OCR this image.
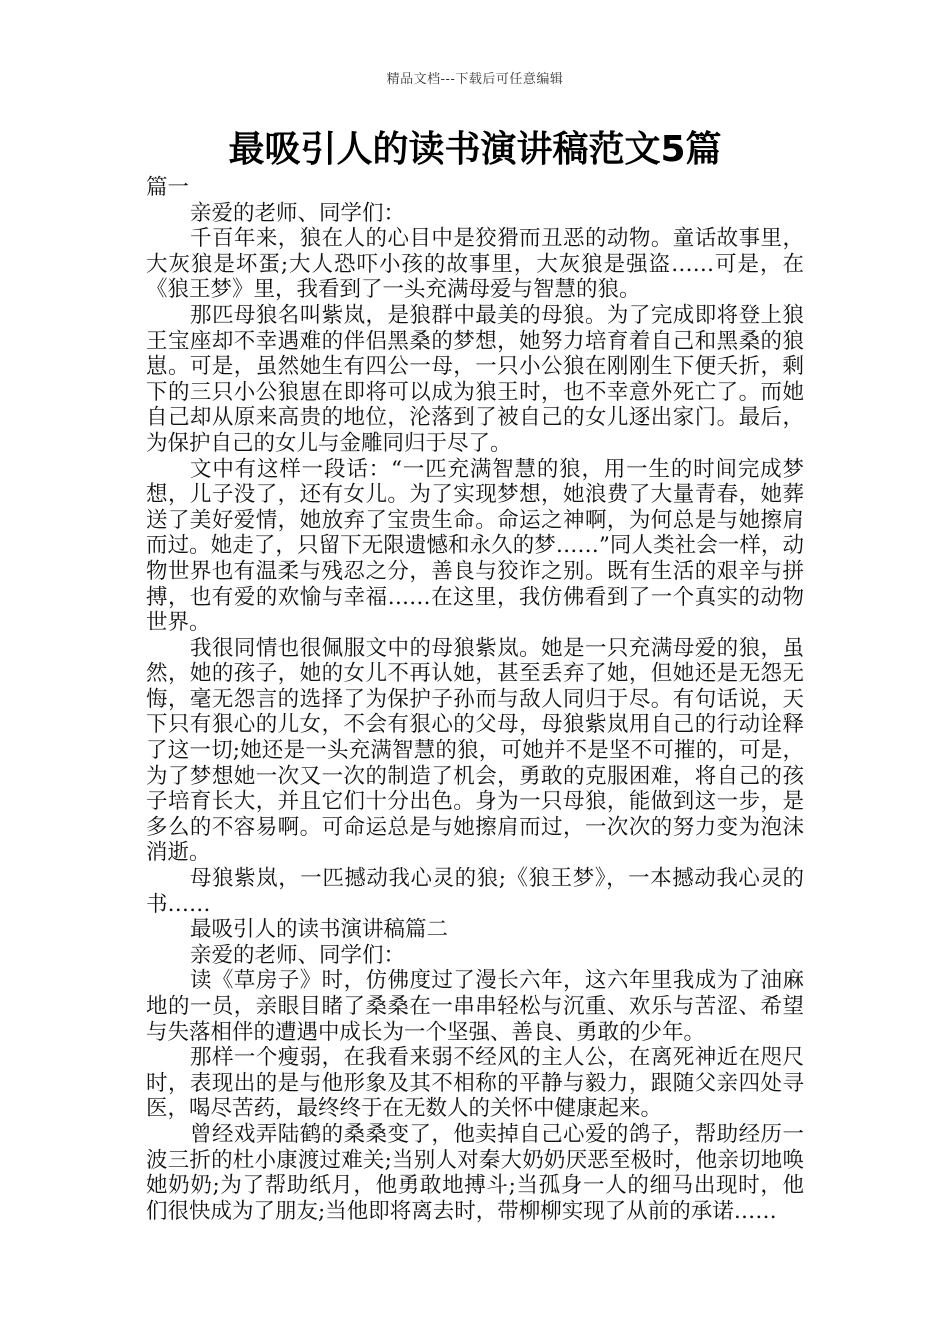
精品文档---下载后可任意编辑
最吸引人的读书演讲稿范文5篇

篇一

亲爱的老师、同学们：

千百年来，狼在人的心目中是狡猾而丑恶的动物。童话故事里，大灰狼是坏蛋;大人恐吓小孩的故事里，大灰狼是强盗……可是，在《狼王梦》里，我看到了一头充满母爱与智慧的狼。

那匹母狼名叫紫岚，是狼群中最美的母狼。为了完成即将登上狼王宝座却不幸遇难的伴侣黑桑的梦想，她努力培育着自己和黑桑的狼崽。可是，虽然她生有四公一母，一只小公狼在刚刚生下便夭折，剩下的三只小公狼崽在即将可以成为狼王时，也不幸意外死亡了。而她自己却从原来高贵的地位，沦落到了被自己的女儿逐出家门。最后，为保护自己的女儿与金雕同归于尽了。

文中有这样一段话：“一匹充满智慧的狼，用一生的时间完成梦想，儿子没了，还有女儿。为了实现梦想，她浪费了大量青春，她葬送了美好爱情，她放弃了宝贵生命。命运之神啊，为何总是与她擦肩而过。她走了，只留下无限遗憾和永久的梦……”同人类社会一样，动物世界也有温柔与残忍之分，善良与狡诈之别。既有生活的艰辛与拼搏，也有爱的欢愉与幸福……在这里，我仿佛看到了一个真实的动物世界。

我很同情也很佩服文中的母狼紫岚。她是一只充满母爱的狼，虽然，她的孩子，她的女儿不再认她，甚至丢弃了她，但她还是无怨无悔，毫无怨言的选择了为保护子孙而与敌人同归于尽。有句话说，天下只有狠心的儿女，不会有狠心的父母，母狼紫岚用自己的行动诠释了这一切;她还是一头充满智慧的狼，可她并不是坚不可摧的，可是，为了梦想她一次又一次的制造了机会，勇敢的克服困难，将自己的孩子培育长大，并且它们十分出色。身为一只母狼，能做到这一步，是多么的不容易啊。可命运总是与她擦肩而过，一次次的努力变为泡沫消逝。

母狼紫岚，一匹撼动我心灵的狼;《狼王梦》，一本撼动我心灵的书……

最吸引人的读书演讲稿篇二

亲爱的老师、同学们：

读《草房子》时，仿佛度过了漫长六年，这六年里我成为了油麻地的一员，亲眼目睹了桑桑在一串串轻松与沉重、欢乐与苦涩、希望与失落相伴的遭遇中成长为一个坚强、善良、勇敢的少年。

那样一个瘦弱，在我看来弱不经风的主人公，在离死神近在咫尺时，表现出的是与他形象及其不相称的平静与毅力，跟随父亲四处寻医，喝尽苦药，最终终于在无数人的关怀中健康起来。

曾经戏弄陆鹤的桑桑变了，他卖掉自己心爱的鸽子，帮助经历一波三折的杜小康渡过难关;当别人对秦大奶奶厌恶至极时，他亲切地唤她奶奶;为了帮助纸月，他勇敢地搏斗;当孤身一人的细马出现时，他们很快成为了朋友;当他即将离去时，带柳柳实现了从前的承诺……
